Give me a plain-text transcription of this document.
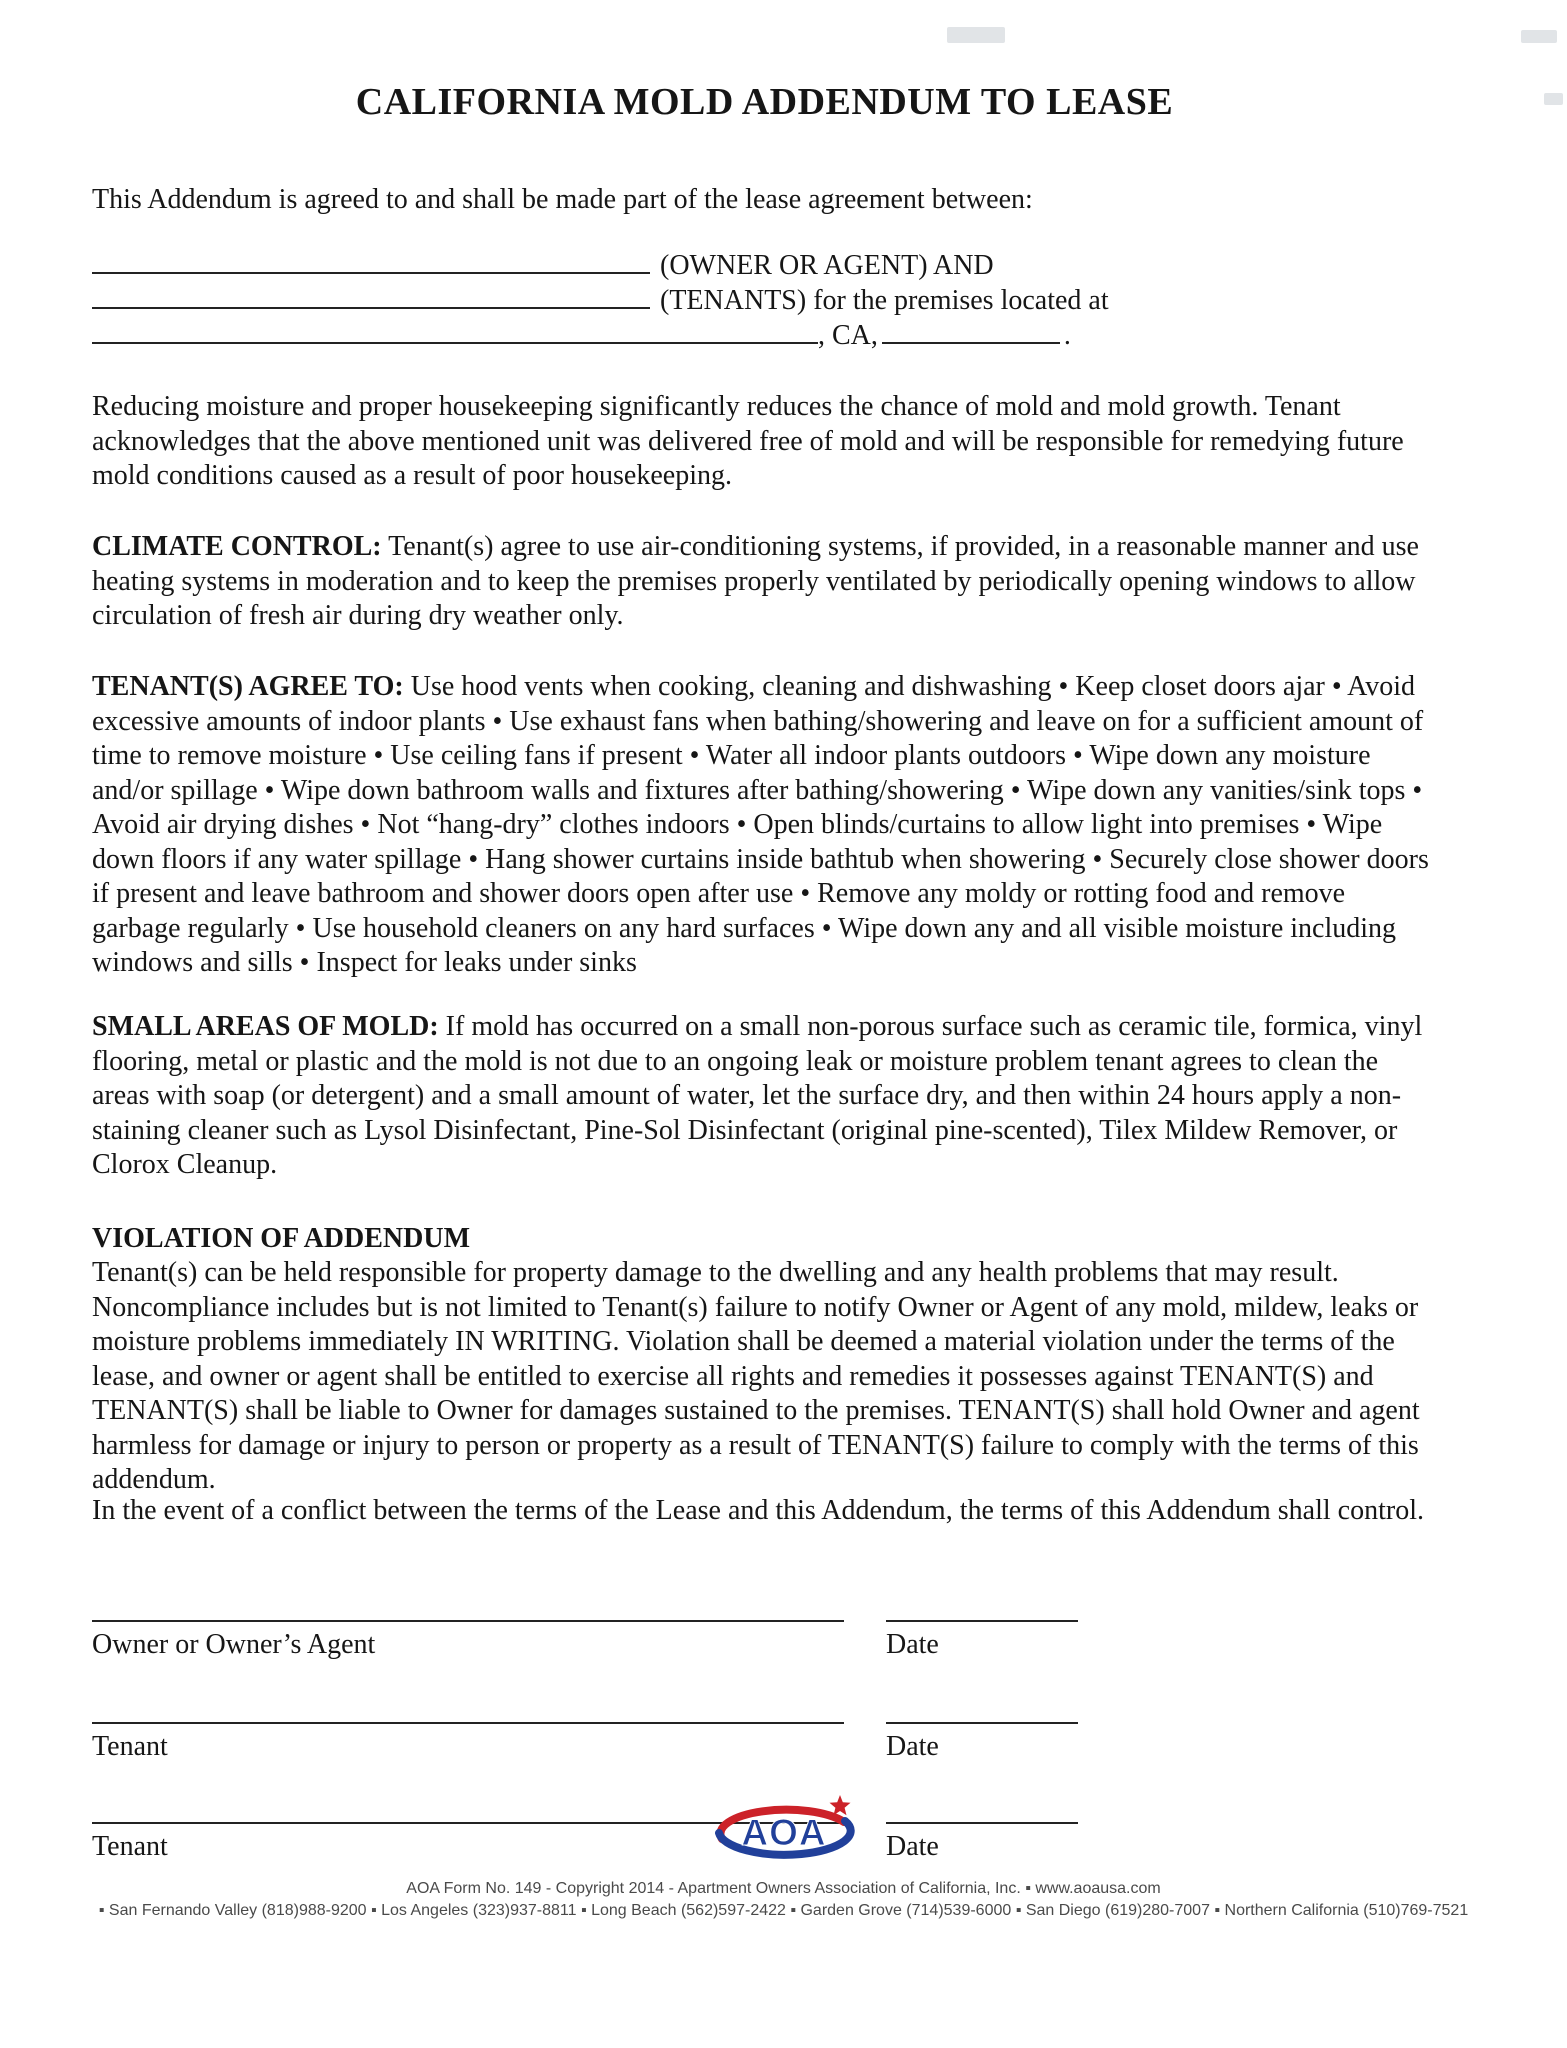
CALIFORNIA MOLD ADDENDUM TO LEASE
This Addendum is agreed to and shall be made part of the lease agreement between:
(OWNER OR AGENT) AND
(TENANTS) for the premises located at
, CA,	.
Reducing moisture and proper housekeeping significantly reduces the chance of mold and mold growth. Tenant acknowledges that the above mentioned unit was delivered free of mold and will be responsible for remedying future mold conditions caused as a result of poor housekeeping.
CLIMATE CONTROL: Tenant(s) agree to use air-conditioning systems, if provided, in a reasonable manner and use heating systems in moderation and to keep the premises properly ventilated by periodically opening windows to allow circulation of fresh air during dry weather only.
TENANT(S) AGREE TO: Use hood vents when cooking, cleaning and dishwashing • Keep closet doors ajar • Avoid excessive amounts of indoor plants • Use exhaust fans when bathing/showering and leave on for a sufficient amount of time to remove moisture • Use ceiling fans if present • Water all indoor plants outdoors • Wipe down any moisture and/or spillage • Wipe down bathroom walls and fixtures after bathing/showering • Wipe down any vanities/sink tops • Avoid air drying dishes • Not “hang-dry” clothes indoors • Open blinds/curtains to allow light into premises • Wipe down floors if any water spillage • Hang shower curtains inside bathtub when showering • Securely close shower doors if present and leave bathroom and shower doors open after use • Remove any moldy or rotting food and remove garbage regularly • Use household cleaners on any hard surfaces • Wipe down any and all visible moisture including windows and sills • Inspect for leaks under sinks
SMALL AREAS OF MOLD: If mold has occurred on a small non-porous surface such as ceramic tile, formica, vinyl flooring, metal or plastic and the mold is not due to an ongoing leak or moisture problem tenant agrees to clean the areas with soap (or detergent) and a small amount of water, let the surface dry, and then within 24 hours apply a non-staining cleaner such as Lysol Disinfectant, Pine-Sol Disinfectant (original pine-scented), Tilex Mildew Remover, or Clorox Cleanup.
VIOLATION OF ADDENDUM
Tenant(s) can be held responsible for property damage to the dwelling and any health problems that may result. Noncompliance includes but is not limited to Tenant(s) failure to notify Owner or Agent of any mold, mildew, leaks or moisture problems immediately IN WRITING. Violation shall be deemed a material violation under the terms of the lease, and owner or agent shall be entitled to exercise all rights and remedies it possesses against TENANT(S) and TENANT(S) shall be liable to Owner for damages sustained to the premises. TENANT(S) shall hold Owner and agent harmless for damage or injury to person or property as a result of TENANT(S) failure to comply with the terms of this addendum.
In the event of a conflict between the terms of the Lease and this Addendum, the terms of this Addendum shall control.
Owner or Owner’s Agent	Date
Tenant	Date
Tenant	Date
AOA
AOA Form No. 149 - Copyright 2014 - Apartment Owners Association of California, Inc. ▪ www.aoausa.com
▪ San Fernando Valley (818)988-9200 ▪ Los Angeles (323)937-8811 ▪ Long Beach (562)597-2422 ▪ Garden Grove (714)539-6000 ▪ San Diego (619)280-7007 ▪ Northern California (510)769-7521
